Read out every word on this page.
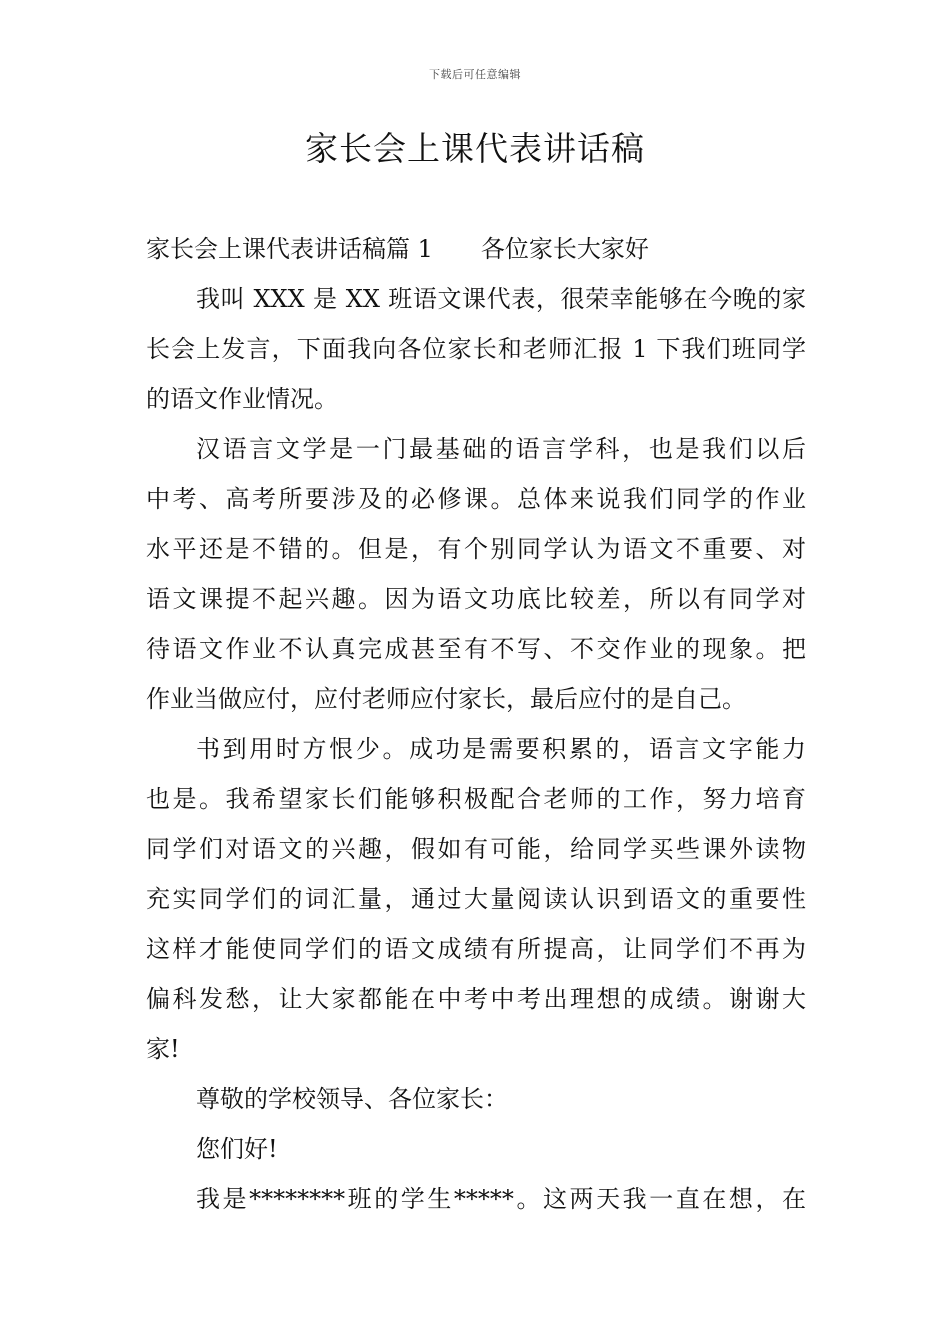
下载后可任意编辑
家长会上课代表讲话稿
家长会上课代表讲话稿篇 1 各位家长大家好
我叫 XXX 是 XX 班语文课代表，很荣幸能够在今晚的家
长会上发言，下面我向各位家长和老师汇报 1 下我们班同学
的语文作业情况。
汉语言文学是一门最基础的语言学科，也是我们以后
中考、高考所要涉及的必修课。总体来说我们同学的作业
水平还是不错的。但是，有个别同学认为语文不重要、对
语文课提不起兴趣。因为语文功底比较差，所以有同学对
待语文作业不认真完成甚至有不写、不交作业的现象。把
作业当做应付，应付老师应付家长，最后应付的是自己。
书到用时方恨少。成功是需要积累的，语言文字能力
也是。我希望家长们能够积极配合老师的工作，努力培育
同学们对语文的兴趣，假如有可能，给同学买些课外读物
充实同学们的词汇量，通过大量阅读认识到语文的重要性
这样才能使同学们的语文成绩有所提高，让同学们不再为
偏科发愁，让大家都能在中考中考出理想的成绩。谢谢大
家!
尊敬的学校领导、各位家长：
您们好!
我是********班的学生*****。这两天我一直在想，在
